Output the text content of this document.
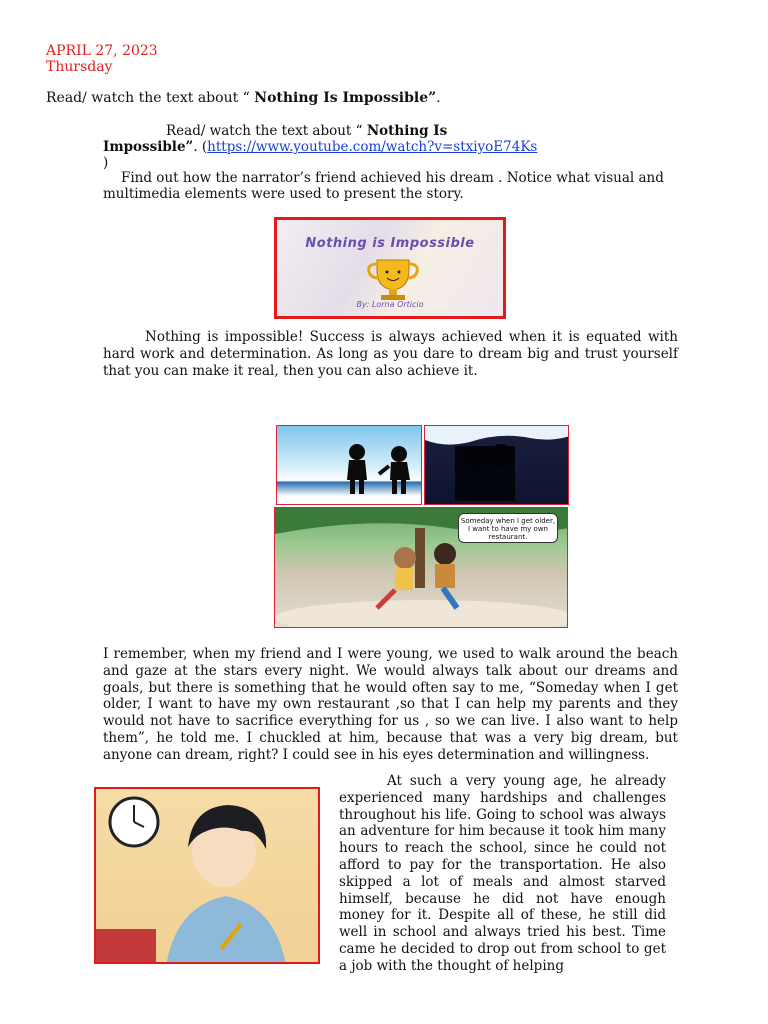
APRIL 27, 2023
Thursday
Read/ watch the text about “ Nothing Is Impossible”.
Read/ watch the text about “ Nothing Is
Impossible”. (https://www.youtube.com/watch?v=stxiyoE74Ks
)
Find out how the narrator’s friend achieved his dream . Notice what visual and multimedia elements were used to present the story.
Nothing is Impossible
By: Lorna Orticio
Nothing is impossible! Success is always achieved when it is equated with hard work and determination. As long as you dare to dream big and trust yourself that you can make it real, then you can also achieve it.
Someday when I get older, I want to have my own restaurant.
I remember, when my friend and I were young, we used to walk around the beach and gaze at the stars every night. We would always talk about our dreams and goals, but there is something that he would often say to me, “Someday when I get older, I want to have my own restaurant ,so that I can help my parents and they would not have to sacrifice everything for us , so we can live. I also want to help them”, he told me. I chuckled at him, because that was a very big dream, but anyone can dream, right? I could see in his eyes determination and willingness.
At such a very young age, he already experienced many hardships and challenges throughout his life. Going to school was always an adventure for him because it took him many hours to reach the school, since he could not afford to pay for the transportation. He also skipped a lot of meals and almost starved himself, because he did not have enough money for it. Despite all of these, he still did well in school and always tried his best. Time came he decided to drop out from school to get a job with the thought of helping
